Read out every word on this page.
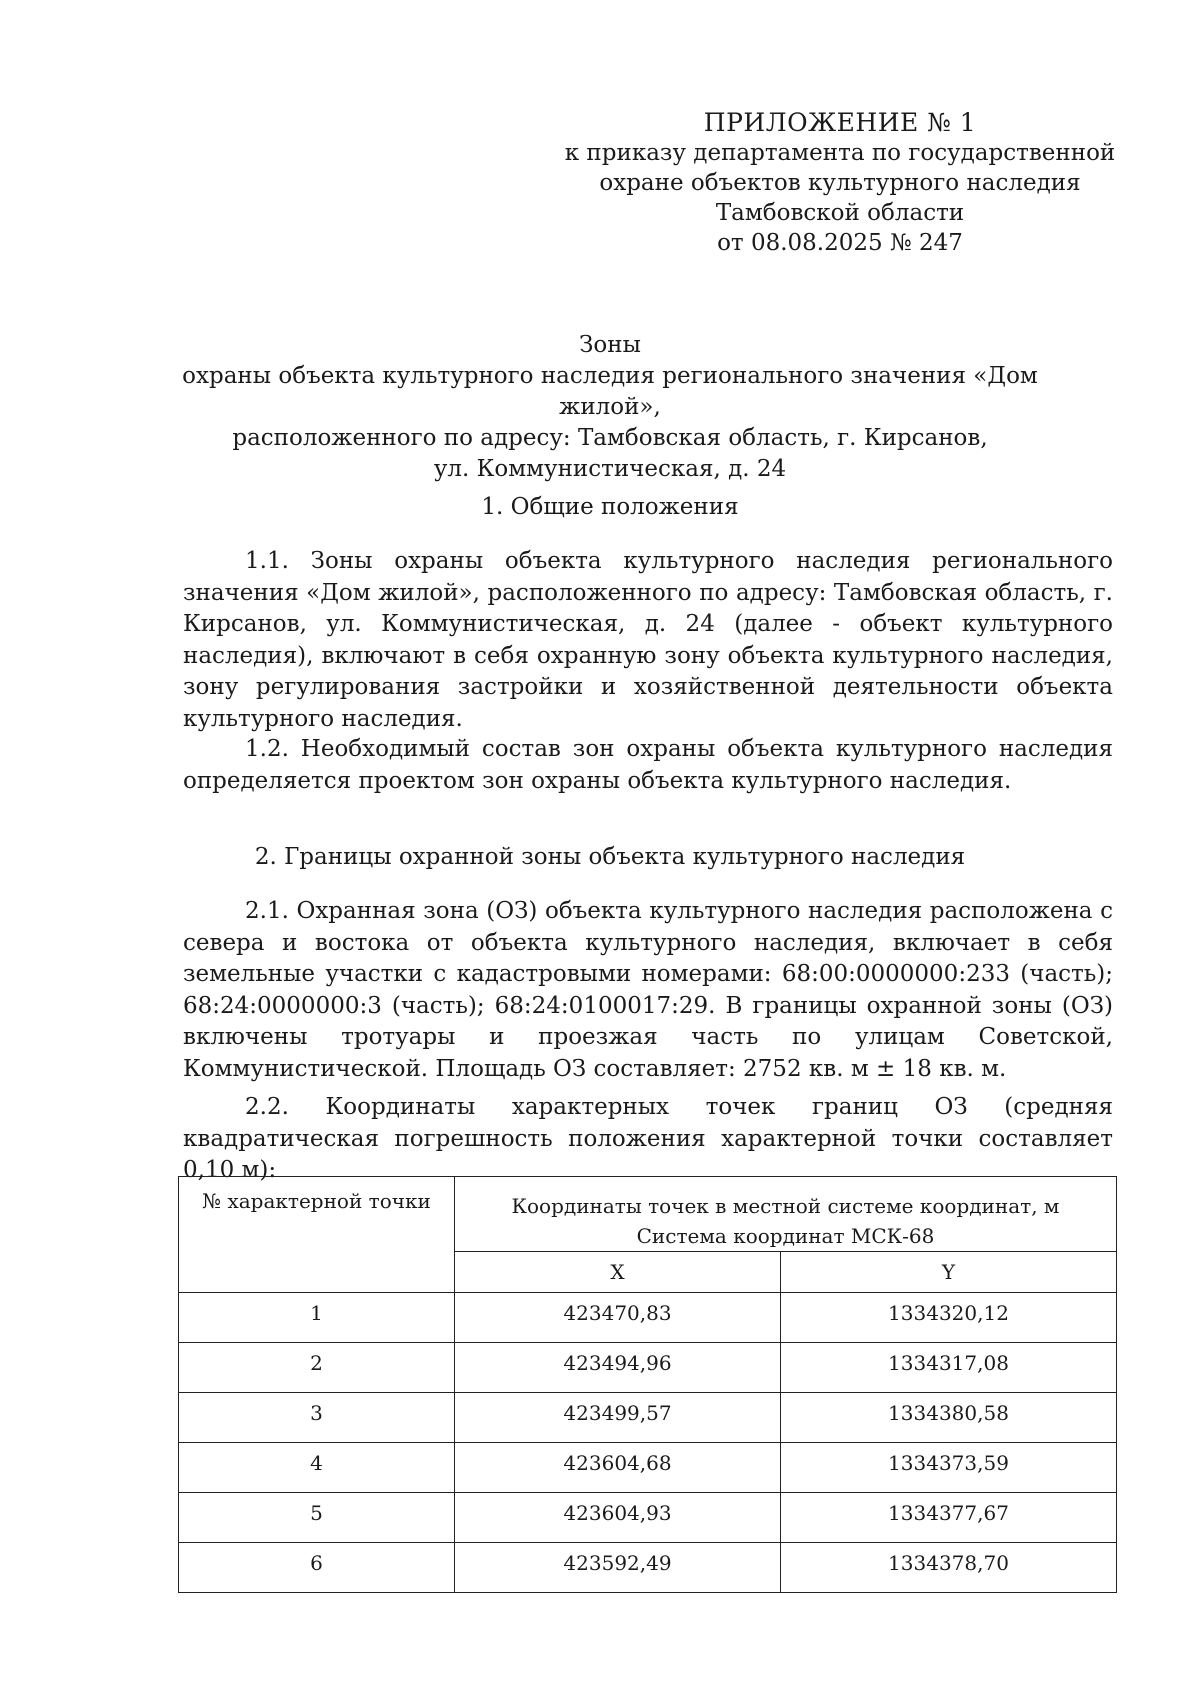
ПРИЛОЖЕНИЕ № 1
к приказу департамента по государственной
охране объектов культурного наследия
Тамбовской области
от 08.08.2025 № 247
Зоны
охраны объекта культурного наследия регионального значения «Дом жилой»,
расположенного по адресу: Тамбовская область, г. Кирсанов,
ул. Коммунистическая, д. 24
1. Общие положения
1.1. Зоны охраны объекта культурного наследия регионального значения «Дом жилой», расположенного по адресу: Тамбовская область, г. Кирсанов, ул. Коммунистическая, д. 24 (далее - объект культурного наследия), включают в себя охранную зону объекта культурного наследия, зону регулирования застройки и хозяйственной деятельности объекта культурного наследия.
1.2. Необходимый состав зон охраны объекта культурного наследия определяется проектом зон охраны объекта культурного наследия.
2. Границы охранной зоны объекта культурного наследия
2.1. Охранная зона (ОЗ) объекта культурного наследия расположена с севера и востока от объекта культурного наследия, включает в себя земельные участки с кадастровыми номерами: 68:00:0000000:233 (часть); 68:24:0000000:3 (часть); 68:24:0100017:29. В границы охранной зоны (ОЗ) включены тротуары и проезжая часть по улицам Советской, Коммунистической. Площадь ОЗ составляет: 2752 кв. м ± 18 кв. м.
2.2. Координаты характерных точек границ ОЗ (средняя квадратическая погрешность положения характерной точки составляет 0,10 м):
№ характерной точки	Координаты точек в местной системе координат, м
Система координат МСК-68	

	X	Y
1	423470,83	1334320,12
2	423494,96	1334317,08
3	423499,57	1334380,58
4	423604,68	1334373,59
5	423604,93	1334377,67
6	423592,49	1334378,70
